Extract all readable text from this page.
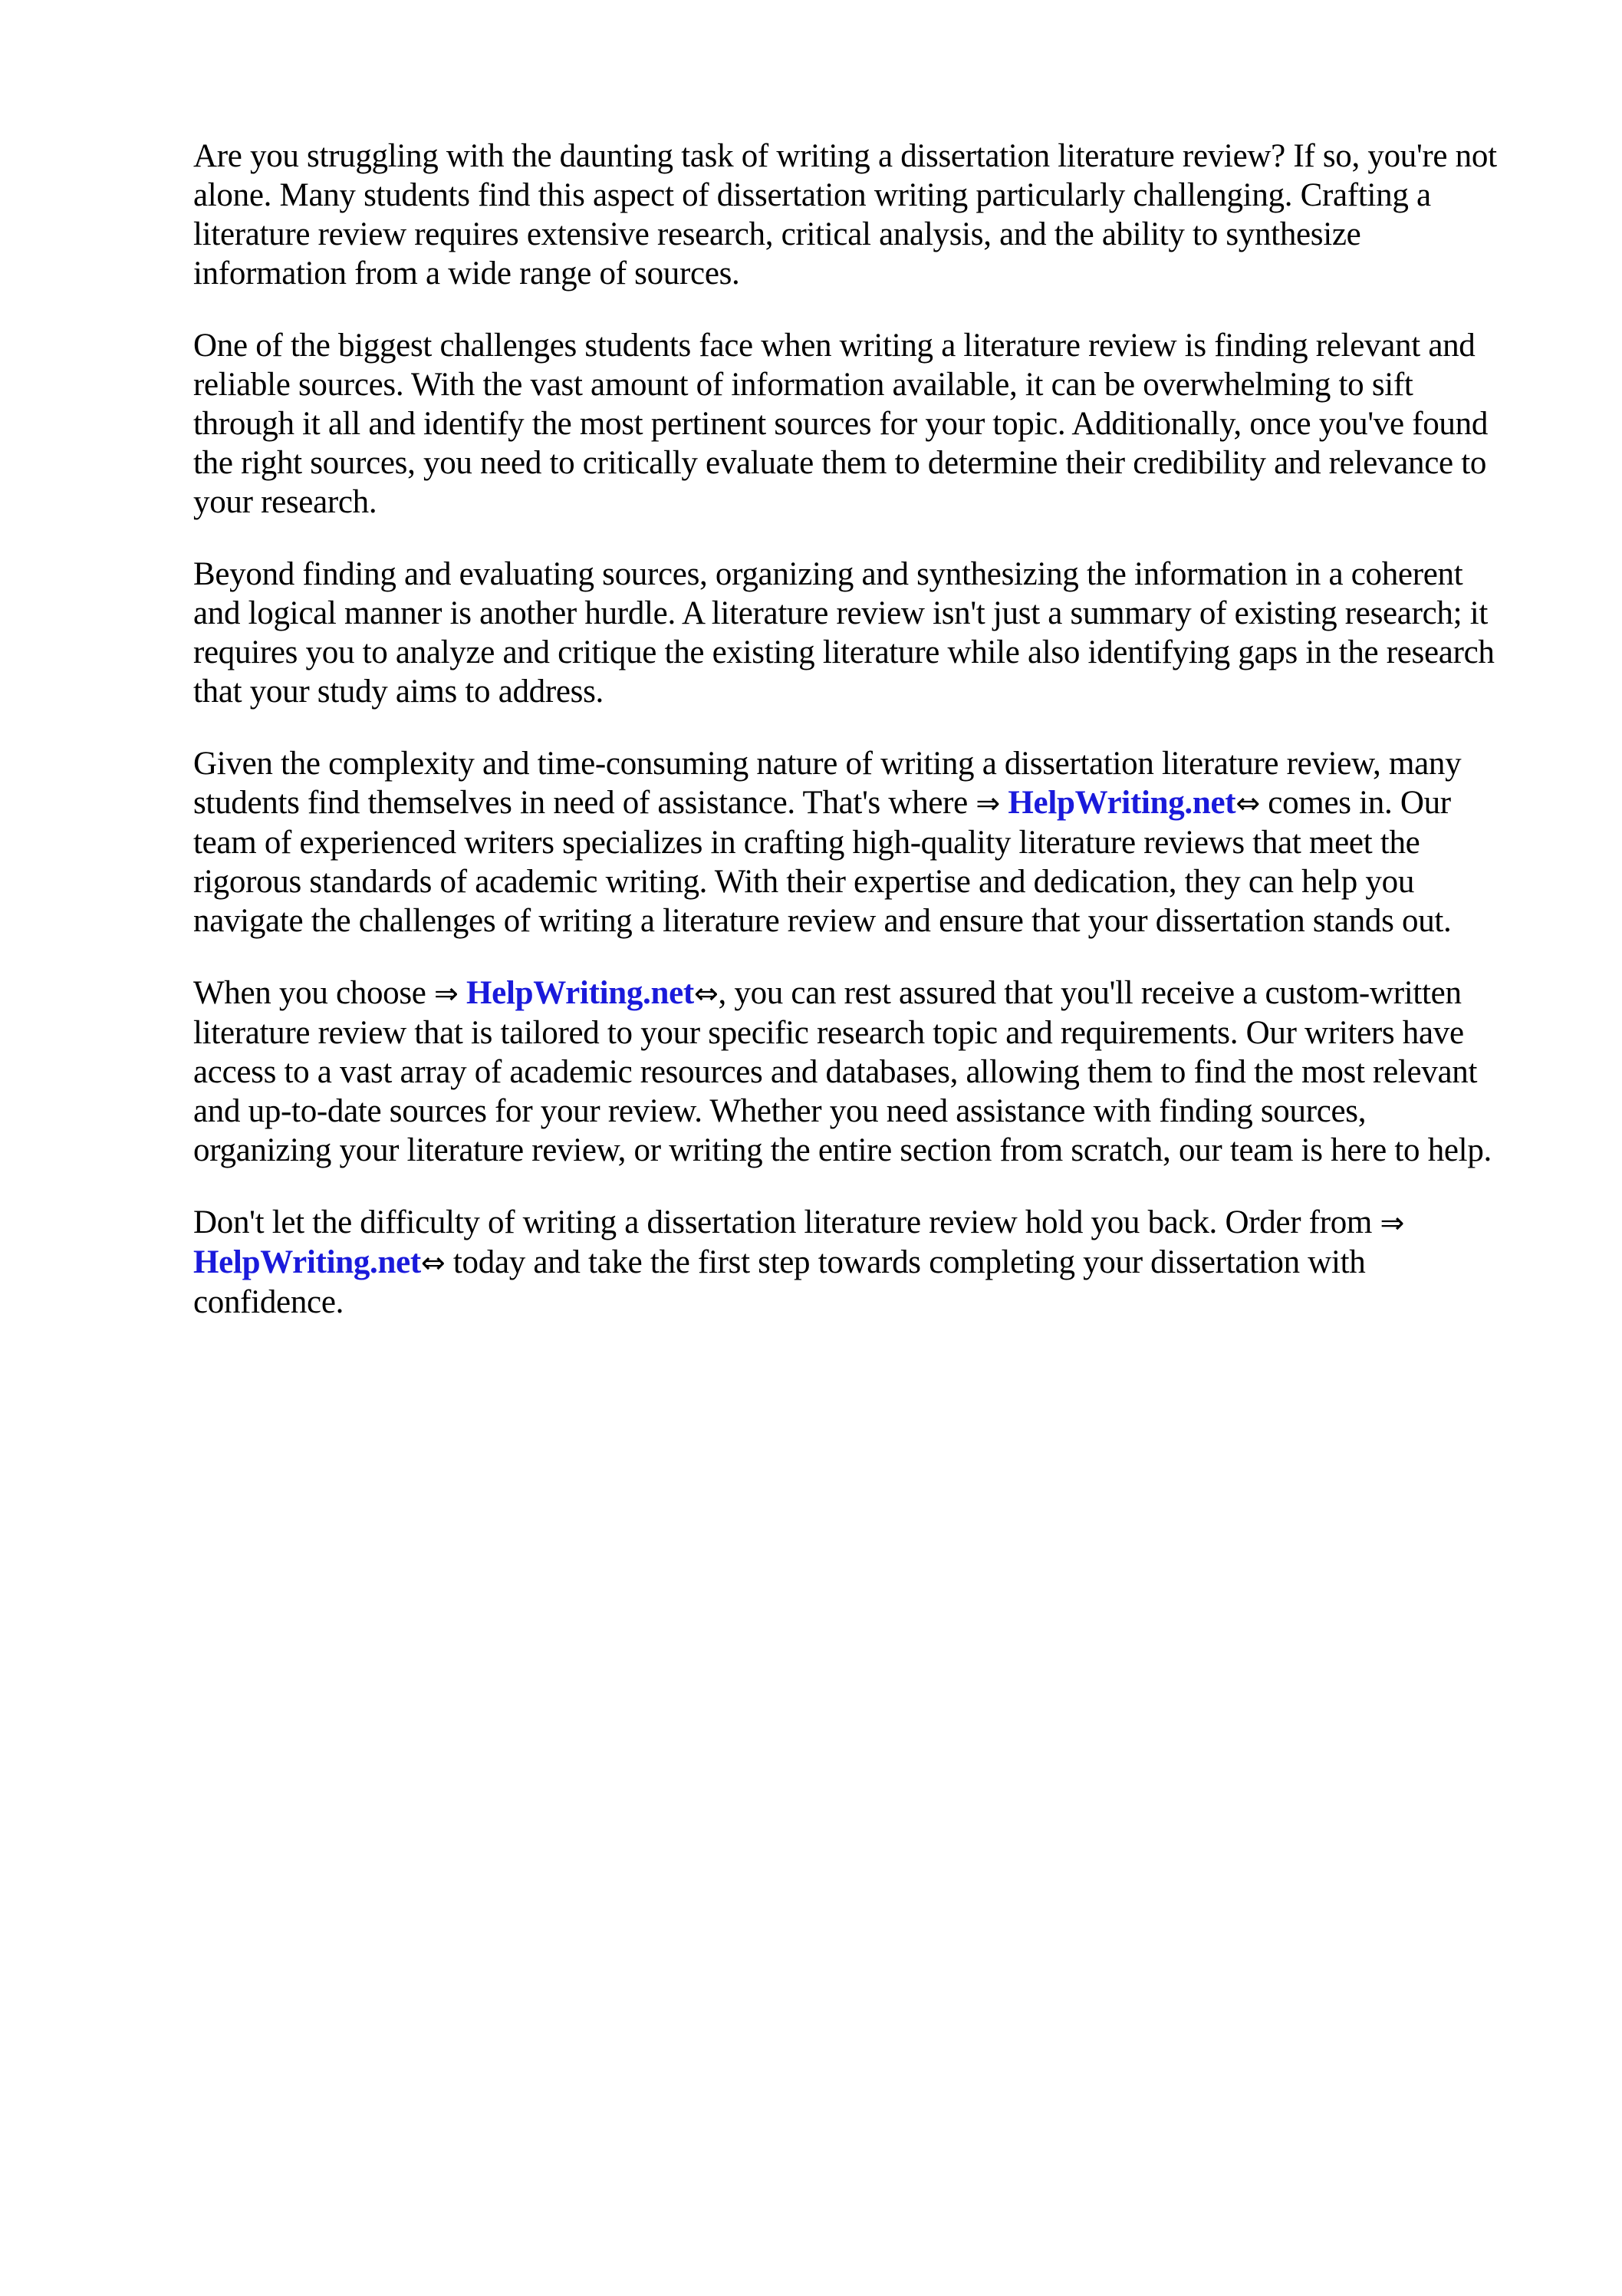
Are you struggling with the daunting task of writing a dissertation literature review? If so, you're not
alone. Many students find this aspect of dissertation writing particularly challenging. Crafting a
literature review requires extensive research, critical analysis, and the ability to synthesize
information from a wide range of sources.

One of the biggest challenges students face when writing a literature review is finding relevant and
reliable sources. With the vast amount of information available, it can be overwhelming to sift
through it all and identify the most pertinent sources for your topic. Additionally, once you've found
the right sources, you need to critically evaluate them to determine their credibility and relevance to
your research.

Beyond finding and evaluating sources, organizing and synthesizing the information in a coherent
and logical manner is another hurdle. A literature review isn't just a summary of existing research; it
requires you to analyze and critique the existing literature while also identifying gaps in the research
that your study aims to address.

Given the complexity and time-consuming nature of writing a dissertation literature review, many
students find themselves in need of assistance. That's where ⇒ HelpWriting.net⇔ comes in. Our
team of experienced writers specializes in crafting high-quality literature reviews that meet the
rigorous standards of academic writing. With their expertise and dedication, they can help you
navigate the challenges of writing a literature review and ensure that your dissertation stands out.

When you choose ⇒ HelpWriting.net⇔, you can rest assured that you'll receive a custom-written
literature review that is tailored to your specific research topic and requirements. Our writers have
access to a vast array of academic resources and databases, allowing them to find the most relevant
and up-to-date sources for your review. Whether you need assistance with finding sources,
organizing your literature review, or writing the entire section from scratch, our team is here to help.

Don't let the difficulty of writing a dissertation literature review hold you back. Order from ⇒
HelpWriting.net⇔ today and take the first step towards completing your dissertation with
confidence.
